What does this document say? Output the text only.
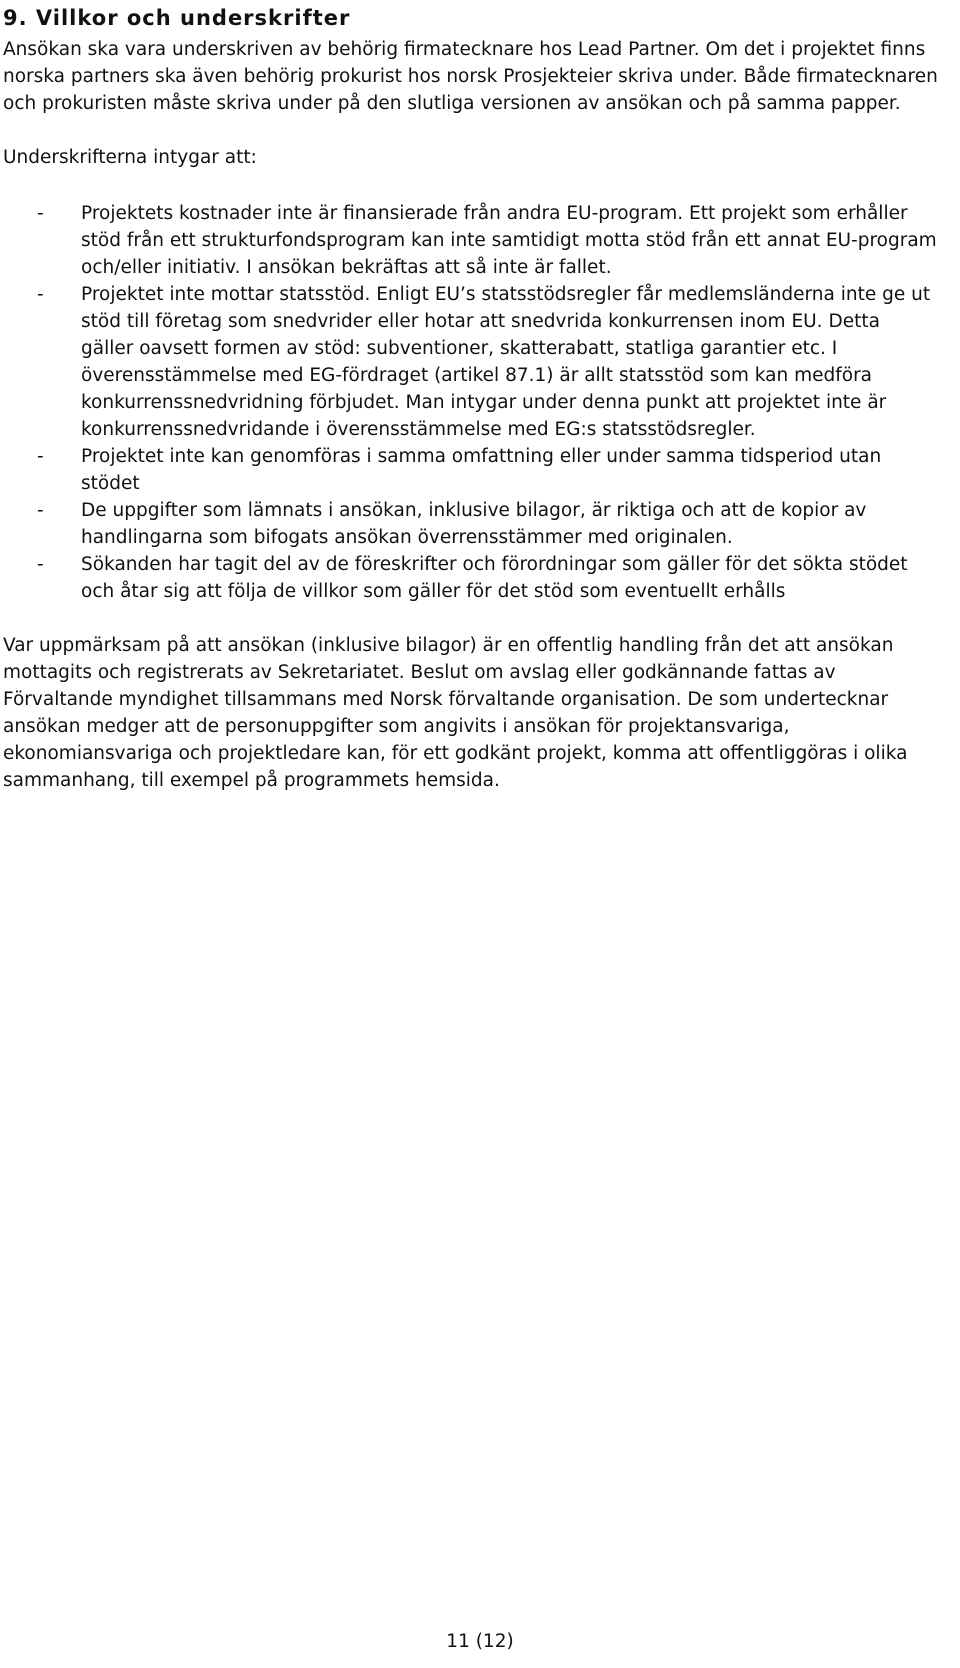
9. Villkor och underskrifter

Ansökan ska vara underskriven av behörig firmatecknare hos Lead Partner. Om det i projektet finns norska partners ska även behörig prokurist hos norsk Prosjekteier skriva under. Både firmatecknaren och prokuristen måste skriva under på den slutliga versionen av ansökan och på samma papper.

Underskrifterna intygar att:

- Projektets kostnader inte är finansierade från andra EU-program. Ett projekt som erhåller stöd från ett strukturfondsprogram kan inte samtidigt motta stöd från ett annat EU-program och/eller initiativ. I ansökan bekräftas att så inte är fallet.
- Projektet inte mottar statsstöd. Enligt EU’s statsstödsregler får medlemsländerna inte ge ut stöd till företag som snedvrider eller hotar att snedvrida konkurrensen inom EU. Detta gäller oavsett formen av stöd: subventioner, skatterabatt, statliga garantier etc. I överensstämmelse med EG-fördraget (artikel 87.1) är allt statsstöd som kan medföra konkurrenssnedvridning förbjudet. Man intygar under denna punkt att projektet inte är konkurrenssnedvridande i överensstämmelse med EG:s statsstödsregler.
- Projektet inte kan genomföras i samma omfattning eller under samma tidsperiod utan stödet
- De uppgifter som lämnats i ansökan, inklusive bilagor, är riktiga och att de kopior av handlingarna som bifogats ansökan överrensstämmer med originalen.
- Sökanden har tagit del av de föreskrifter och förordningar som gäller för det sökta stödet och åtar sig att följa de villkor som gäller för det stöd som eventuellt erhålls

Var uppmärksam på att ansökan (inklusive bilagor) är en offentlig handling från det att ansökan mottagits och registrerats av Sekretariatet. Beslut om avslag eller godkännande fattas av Förvaltande myndighet tillsammans med Norsk förvaltande organisation. De som undertecknar ansökan medger att de personuppgifter som angivits i ansökan för projektansvariga, ekonomiansvariga och projektledare kan, för ett godkänt projekt, komma att offentliggöras i olika sammanhang, till exempel på programmets hemsida.

11 (12)
